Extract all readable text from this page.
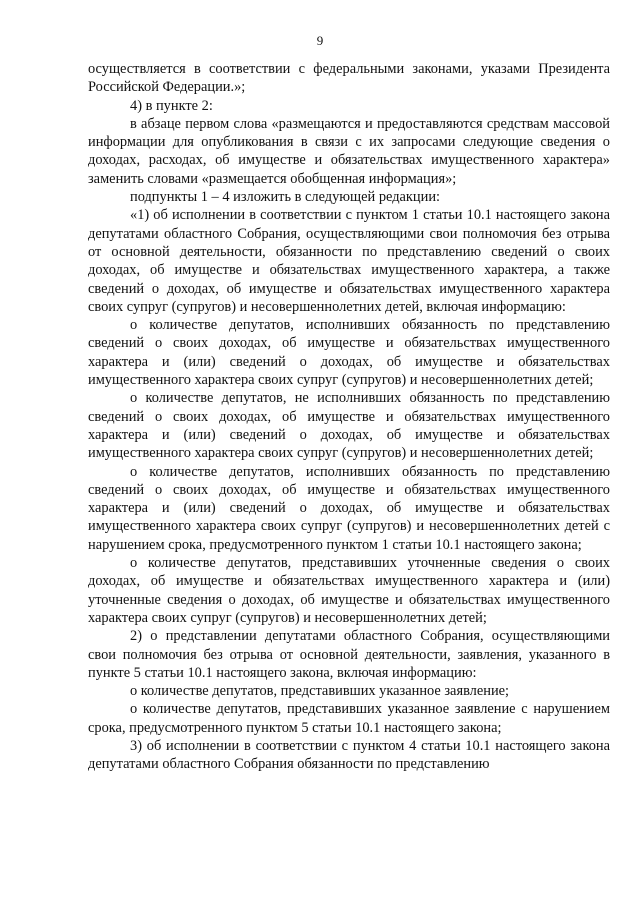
9

осуществляется в соответствии с федеральными законами, указами Президента Российской Федерации.»;

4) в пункте 2:

в абзаце первом слова «размещаются и предоставляются средствам массовой информации для опубликования в связи с их запросами следующие сведения о доходах, расходах, об имуществе и обязательствах имущественного характера» заменить словами «размещается обобщенная информация»;

подпункты 1 – 4 изложить в следующей редакции:

«1) об исполнении в соответствии с пунктом 1 статьи 10.1 настоящего закона депутатами областного Собрания, осуществляющими свои полномочия без отрыва от основной деятельности, обязанности по представлению сведений о своих доходах, об имуществе и обязательствах имущественного характера, а также сведений о доходах, об имуществе и обязательствах имущественного характера своих супруг (супругов) и несовершеннолетних детей, включая информацию:

о количестве депутатов, исполнивших обязанность по представлению сведений о своих доходах, об имуществе и обязательствах имущественного характера и (или) сведений о доходах, об имуществе и обязательствах имущественного характера своих супруг (супругов) и несовершеннолетних детей;

о количестве депутатов, не исполнивших обязанность по представлению сведений о своих доходах, об имуществе и обязательствах имущественного характера и (или) сведений о доходах, об имуществе и обязательствах имущественного характера своих супруг (супругов) и несовершеннолетних детей;

о количестве депутатов, исполнивших обязанность по представлению сведений о своих доходах, об имуществе и обязательствах имущественного характера и (или) сведений о доходах, об имуществе и обязательствах имущественного характера своих супруг (супругов) и несовершеннолетних детей с нарушением срока, предусмотренного пунктом 1 статьи 10.1 настоящего закона;

о количестве депутатов, представивших уточненные сведения о своих доходах, об имуществе и обязательствах имущественного характера и (или) уточненные сведения о доходах, об имуществе и обязательствах имущественного характера своих супруг (супругов) и несовершеннолетних детей;

2) о представлении депутатами областного Собрания, осуществляющими свои полномочия без отрыва от основной деятельности, заявления, указанного в пункте 5 статьи 10.1 настоящего закона, включая информацию:

о количестве депутатов, представивших указанное заявление;

о количестве депутатов, представивших указанное заявление с нарушением срока, предусмотренного пунктом 5 статьи 10.1 настоящего закона;

3) об исполнении в соответствии с пунктом 4 статьи 10.1 настоящего закона депутатами областного Собрания обязанности по представлению
